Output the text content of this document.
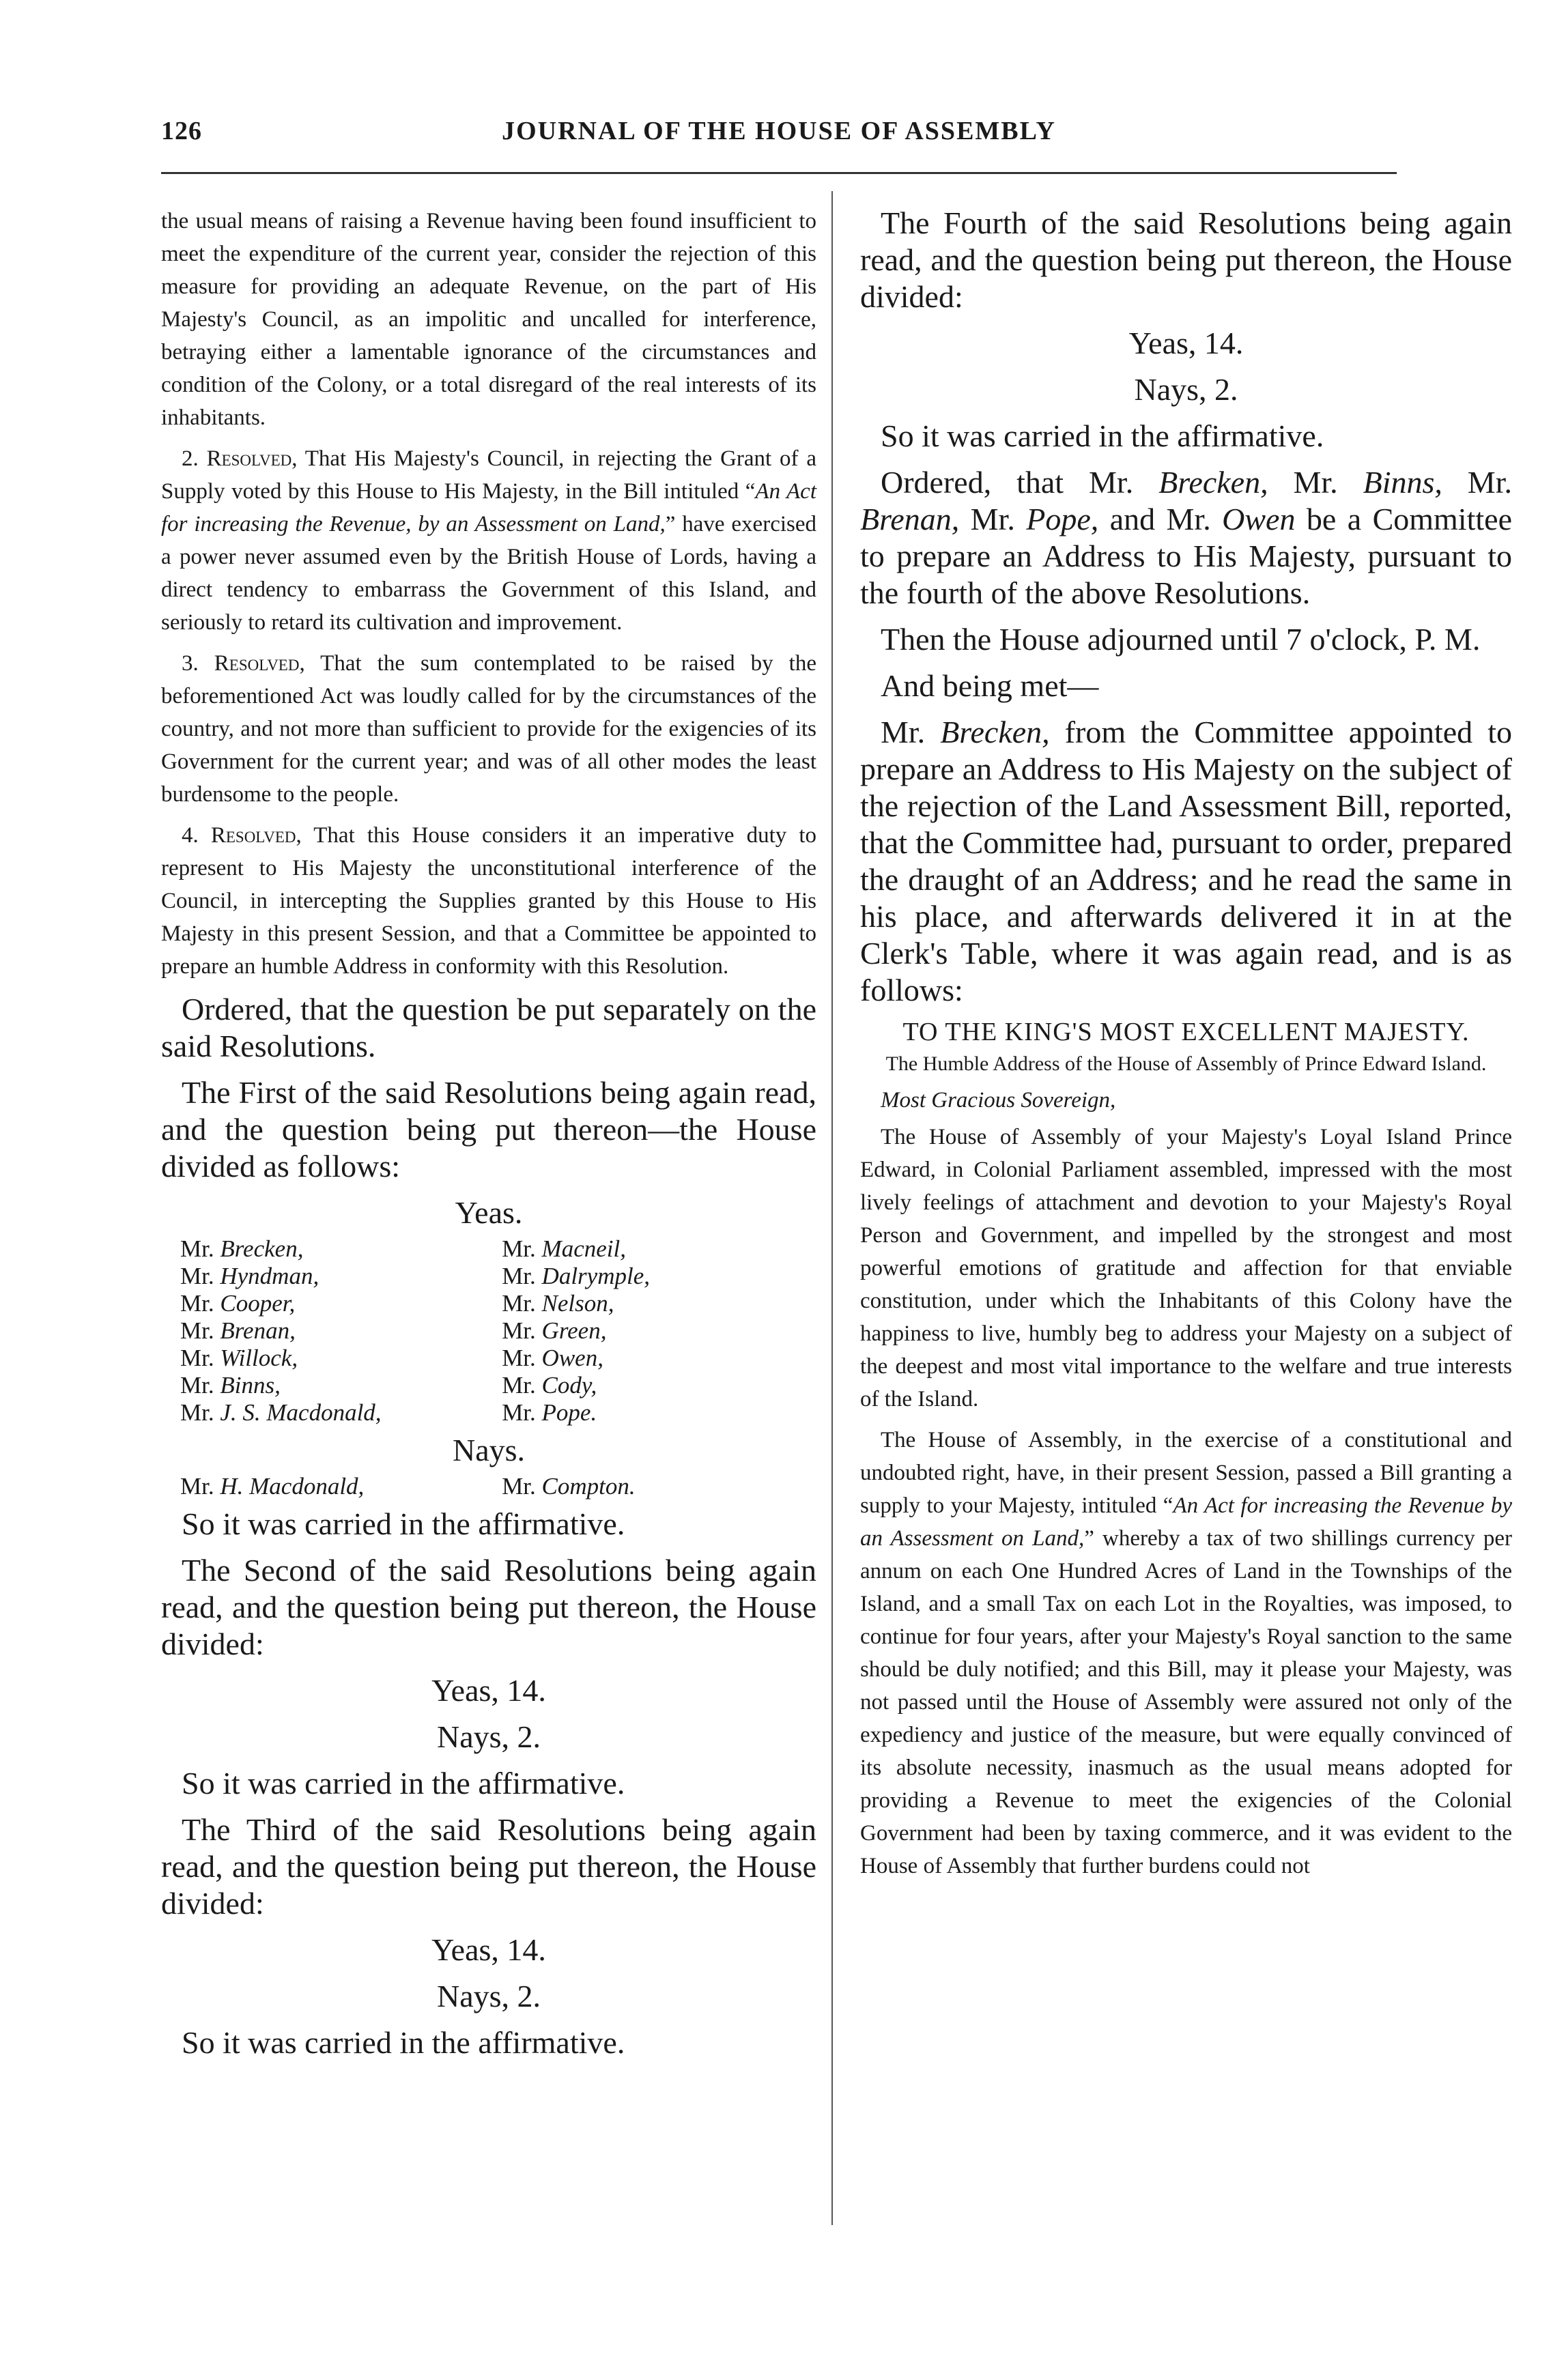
126	JOURNAL OF THE HOUSE OF ASSEMBLY

the usual means of raising a Revenue having been found insufficient to meet the expenditure of the current year, consider the rejection of this measure for providing an adequate Revenue, on the part of His Majesty's Council, as an impolitic and uncalled for interference, betraying either a lamentable ignorance of the circumstances and condition of the Colony, or a total disregard of the real interests of its inhabitants.

2. Resolved, That His Majesty's Council, in rejecting the Grant of a Supply voted by this House to His Majesty, in the Bill intituled “An Act for increasing the Revenue, by an Assessment on Land,” have exercised a power never assumed even by the British House of Lords, having a direct tendency to embarrass the Government of this Island, and seriously to retard its cultivation and improvement.

3. Resolved, That the sum contemplated to be raised by the beforementioned Act was loudly called for by the circumstances of the country, and not more than sufficient to provide for the exigencies of its Government for the current year; and was of all other modes the least burdensome to the people.

4. Resolved, That this House considers it an imperative duty to represent to His Majesty the unconstitutional interference of the Council, in intercepting the Supplies granted by this House to His Majesty in this present Session, and that a Committee be appointed to prepare an humble Address in conformity with this Resolution.

Ordered, that the question be put separately on the said Resolutions.

The First of the said Resolutions being again read, and the question being put thereon—the House divided as follows:

Yeas.
Mr. Brecken,	Mr. Macneil,
Mr. Hyndman,	Mr. Dalrymple,
Mr. Cooper,	Mr. Nelson,
Mr. Brenan,	Mr. Green,
Mr. Willock,	Mr. Owen,
Mr. Binns,	Mr. Cody,
Mr. J. S. Macdonald,	Mr. Pope.
Nays.
Mr. H. Macdonald,	Mr. Compton.

So it was carried in the affirmative.

The Second of the said Resolutions being again read, and the question being put thereon, the House divided:

Yeas, 14.

Nays, 2.

So it was carried in the affirmative.

The Third of the said Resolutions being again read, and the question being put thereon, the House divided:

Yeas, 14.

Nays, 2.

So it was carried in the affirmative.

The Fourth of the said Resolutions being again read, and the question being put thereon, the House divided:

Yeas, 14.

Nays, 2.

So it was carried in the affirmative.

Ordered, that Mr. Brecken, Mr. Binns, Mr. Brenan, Mr. Pope, and Mr. Owen be a Committee to prepare an Address to His Majesty, pursuant to the fourth of the above Resolutions.

Then the House adjourned until 7 o'clock, P. M.

And being met—

Mr. Brecken, from the Committee appointed to prepare an Address to His Majesty on the subject of the rejection of the Land Assessment Bill, reported, that the Committee had, pursuant to order, prepared the draught of an Address; and he read the same in his place, and afterwards delivered it in at the Clerk's Table, where it was again read, and is as follows:

TO THE KING'S MOST EXCELLENT MAJESTY.
The Humble Address of the House of Assembly of Prince Edward Island.
Most Gracious Sovereign,

The House of Assembly of your Majesty's Loyal Island Prince Edward, in Colonial Parliament assembled, impressed with the most lively feelings of attachment and devotion to your Majesty's Royal Person and Government, and impelled by the strongest and most powerful emotions of gratitude and affection for that enviable constitution, under which the Inhabitants of this Colony have the happiness to live, humbly beg to address your Majesty on a subject of the deepest and most vital importance to the welfare and true interests of the Island.

The House of Assembly, in the exercise of a constitutional and undoubted right, have, in their present Session, passed a Bill granting a supply to your Majesty, intituled “An Act for increasing the Revenue by an Assessment on Land,” whereby a tax of two shillings currency per annum on each One Hundred Acres of Land in the Townships of the Island, and a small Tax on each Lot in the Royalties, was imposed, to continue for four years, after your Majesty's Royal sanction to the same should be duly notified; and this Bill, may it please your Majesty, was not passed until the House of Assembly were assured not only of the expediency and justice of the measure, but were equally convinced of its absolute necessity, inasmuch as the usual means adopted for providing a Revenue to meet the exigencies of the Colonial Government had been by taxing commerce, and it was evident to the House of Assembly that further burdens could not
